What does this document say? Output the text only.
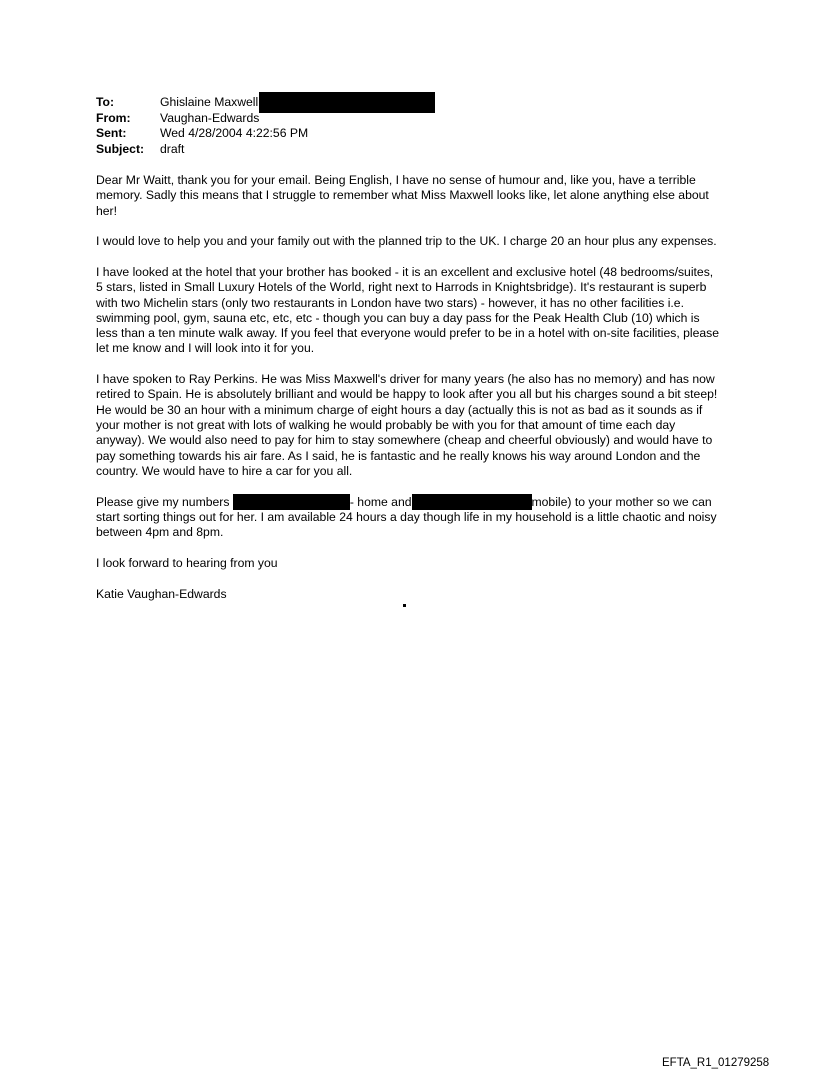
To:	Ghislaine Maxwell
From: Vaughan-Edwards
Sent:	Wed 4/28/2004 4:22:56 PM
Subject: draft

Dear Mr Waitt, thank you for your email. Being English, I have no sense of humour and, like you, have a terrible memory. Sadly this means that I struggle to remember what Miss Maxwell looks like, let alone anything else about her!

I would love to help you and your family out with the planned trip to the UK. I charge 20 an hour plus any expenses.

I have looked at the hotel that your brother has booked - it is an excellent and exclusive hotel (48 bedrooms/suites, 5 stars, listed in Small Luxury Hotels of the World, right next to Harrods in Knightsbridge). It's restaurant is superb with two Michelin stars (only two restaurants in London have two stars) - however, it has no other facilities i.e. swimming pool, gym, sauna etc, etc, etc - though you can buy a day pass for the Peak Health Club (10) which is less than a ten minute walk away. If you feel that everyone would prefer to be in a hotel with on-site facilities, please let me know and I will look into it for you.

I have spoken to Ray Perkins. He was Miss Maxwell's driver for many years (he also has no memory) and has now retired to Spain. He is absolutely brilliant and would be happy to look after you all but his charges sound a bit steep! He would be 30 an hour with a minimum charge of eight hours a day (actually this is not as bad as it sounds as if your mother is not great with lots of walking he would probably be with you for that amount of time each day anyway). We would also need to pay for him to stay somewhere (cheap and cheerful obviously) and would have to pay something towards his air fare. As I said, he is fantastic and he really knows his way around London and the country. We would have to hire a car for you all.

Please give my numbers	- home and	mobile) to your mother so we can start sorting things out for her. I am available 24 hours a day though life in my household is a little chaotic and noisy between 4pm and 8pm.

I look forward to hearing from you

Katie Vaughan-Edwards

EFTA_R1_01279258
